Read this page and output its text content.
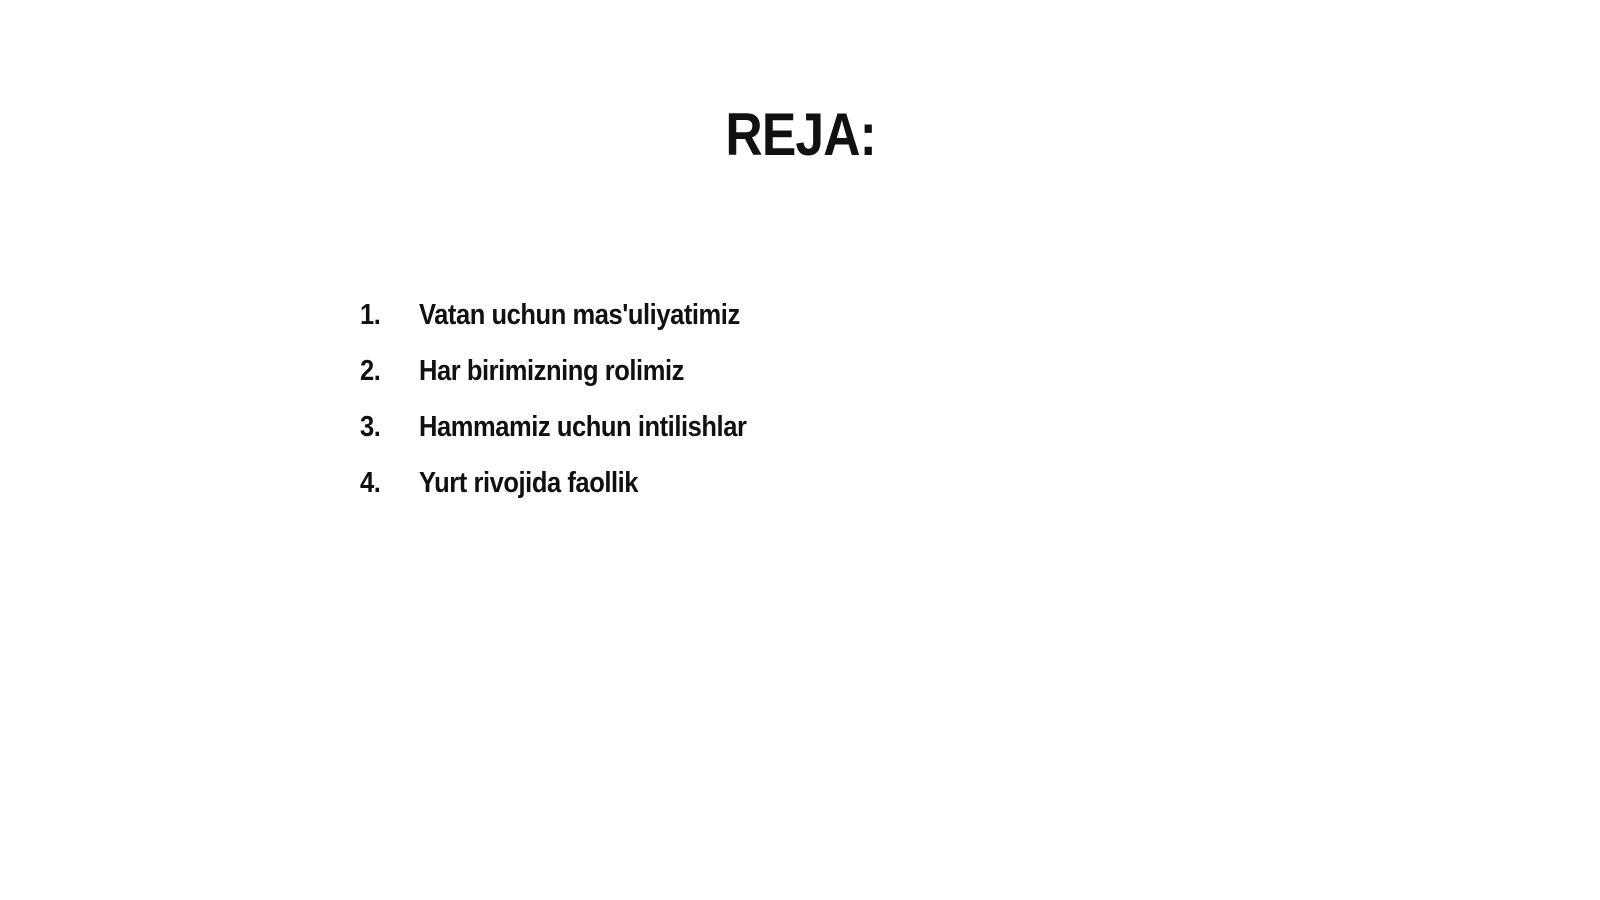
REJA:
1.	Vatan uchun mas'uliyatimiz
2.	Har birimizning rolimiz
3.	Hammamiz uchun intilishlar
4.	Yurt rivojida faollik
